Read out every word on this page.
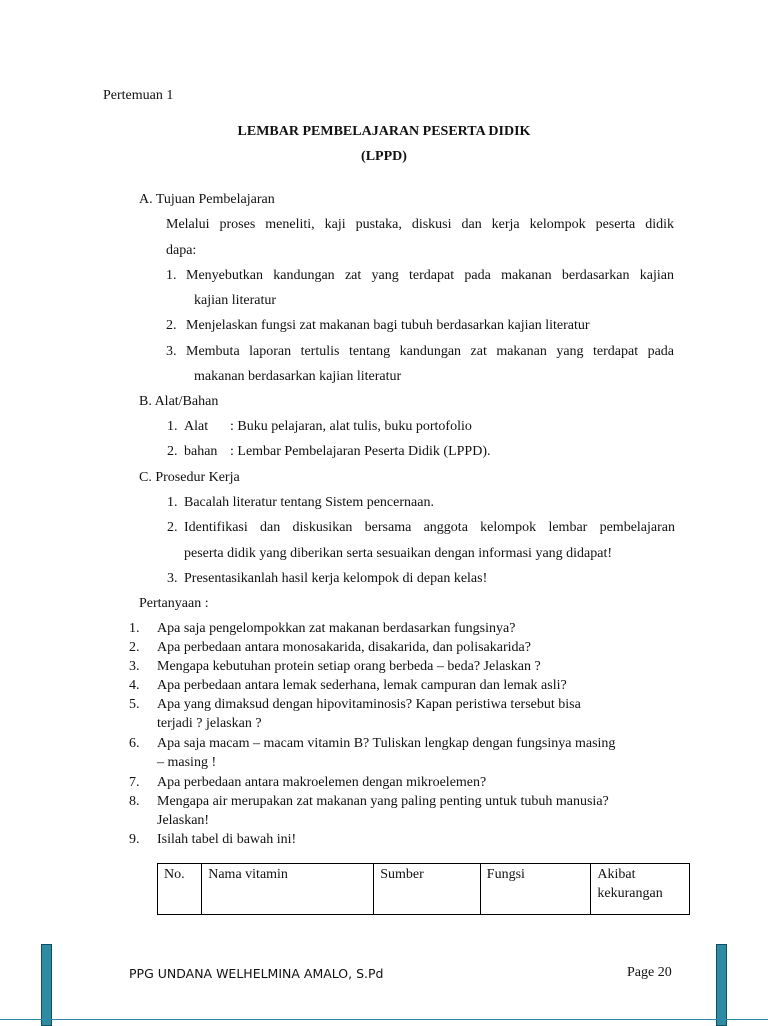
Pertemuan 1
LEMBAR PEMBELAJARAN PESERTA DIDIK
(LPPD)
A. Tujuan Pembelajaran
Melalui proses meneliti, kaji pustaka, diskusi dan kerja kelompok peserta didik
dapa:
1. Menyebutkan kandungan zat yang terdapat pada makanan berdasarkan kajian
kajian literatur
2. Menjelaskan fungsi zat makanan bagi tubuh berdasarkan kajian literatur
3. Membuta laporan tertulis tentang kandungan zat makanan yang terdapat pada
makanan berdasarkan kajian literatur
B. Alat/Bahan
1. Alat : Buku pelajaran, alat tulis, buku portofolio
2. bahan : Lembar Pembelajaran Peserta Didik (LPPD).
C. Prosedur Kerja
1. Bacalah literatur tentang Sistem pencernaan.
2. Identifikasi dan diskusikan bersama anggota kelompok lembar pembelajaran
peserta didik yang diberikan serta sesuaikan dengan informasi yang didapat!
3. Presentasikanlah hasil kerja kelompok di depan kelas!
Pertanyaan :
1. Apa saja pengelompokkan zat makanan berdasarkan fungsinya?
2. Apa perbedaan antara monosakarida, disakarida, dan polisakarida?
3. Mengapa kebutuhan protein setiap orang berbeda – beda? Jelaskan ?
4. Apa perbedaan antara lemak sederhana, lemak campuran dan lemak asli?
5. Apa yang dimaksud dengan hipovitaminosis? Kapan peristiwa tersebut bisa
terjadi ? jelaskan ?
6. Apa saja macam – macam vitamin B? Tuliskan lengkap dengan fungsinya masing
– masing !
7. Apa perbedaan antara makroelemen dengan mikroelemen?
8. Mengapa air merupakan zat makanan yang paling penting untuk tubuh manusia?
Jelaskan!
9. Isilah tabel di bawah ini!
No.	Nama vitamin	Sumber	Fungsi	Akibat kekurangan
PPG UNDANA WELHELMINA AMALO, S.Pd	Page 20
